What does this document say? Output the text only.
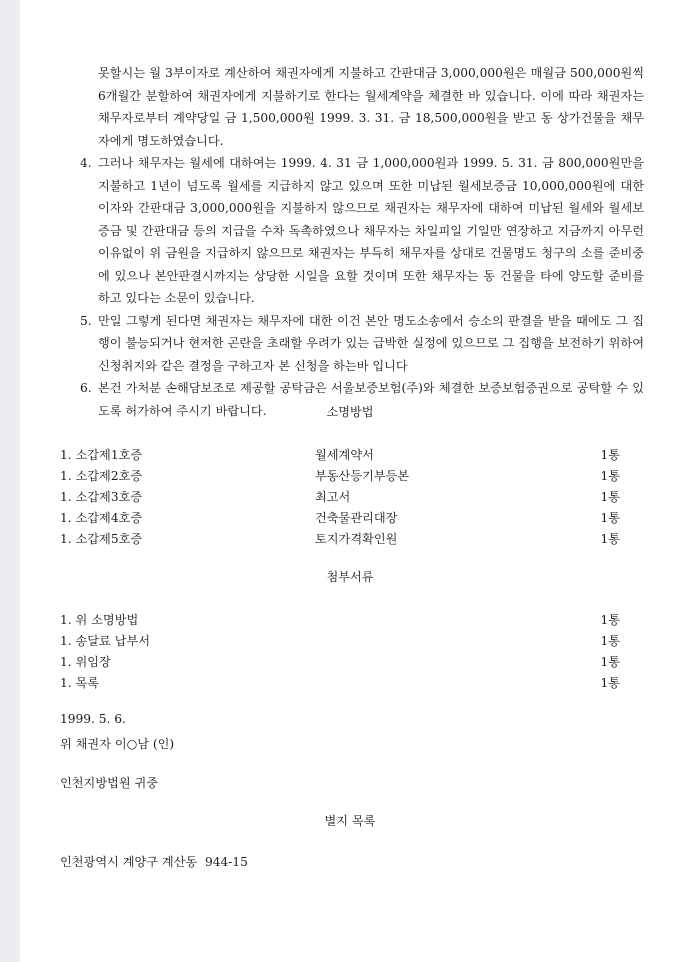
못할시는 월 3부이자로 계산하여 채권자에게 지불하고 간판대금 3,000,000원은 매월금 500,000원씩 6개월간 분할하여 채권자에게 지불하기로 한다는 월세계약을 체결한 바 있습니다. 이에 따라 채권자는 채무자로부터 계약당일 금 1,500,000원 1999. 3. 31. 금 18,500,000원을 받고 동 상가건물을 채무자에게 명도하였습니다.
4. 그러나 채무자는 월세에 대하여는 1999. 4. 31 금 1,000,000원과 1999. 5. 31. 금 800,000원만을 지불하고 1년이 넘도록 월세를 지급하지 않고 있으며 또한 미납된 월세보증금 10,000,000원에 대한 이자와 간판대금 3,000,000원을 지불하지 않으므로 채권자는 채무자에 대하여 미납된 월세와 월세보증금 및 간판대금 등의 지급을 수차 독촉하였으나 채무자는 차일피일 기일만 연장하고 지금까지 아무런 이유없이 위 금원을 지급하지 않으므로 채권자는 부득히 채무자를 상대로 건물명도 청구의 소를 준비중에 있으나 본안판결시까지는 상당한 시일을 요할 것이며 또한 채무자는 동 건물을 타에 양도할 준비를 하고 있다는 소문이 있습니다.
5. 만일 그렇게 된다면 채권자는 채무자에 대한 이건 본안 명도소송에서 승소의 판결을 받을 때에도 그 집행이 불능되거나 현저한 곤란을 초래할 우려가 있는 급박한 실정에 있으므로 그 집행을 보전하기 위하여 신청취지와 같은 결정을 구하고자 본 신청을 하는바 입니다
6. 본건 가처분 손해담보조로 제공할 공탁금은 서울보증보험(주)와 체결한 보증보험증권으로 공탁할 수 있도록 허가하여 주시기 바랍니다.	소명방법
1. 소갑제1호증	월세계약서	1통
1. 소갑제2호증	부동산등기부등본	1통
1. 소갑제3호증	최고서	1통
1. 소갑제4호증	건축물관리대장	1통
1. 소갑제5호증	토지가격확인원	1통
첨부서류
1. 위 소명방법	1통
1. 송달료 납부서	1통
1. 위임장	1통
1. 목록	1통
1999. 5. 6.
위 채권자 이○남 (인)
인천지방법원 귀중
별지 목록
인천광역시 계양구 계산동  944-15
